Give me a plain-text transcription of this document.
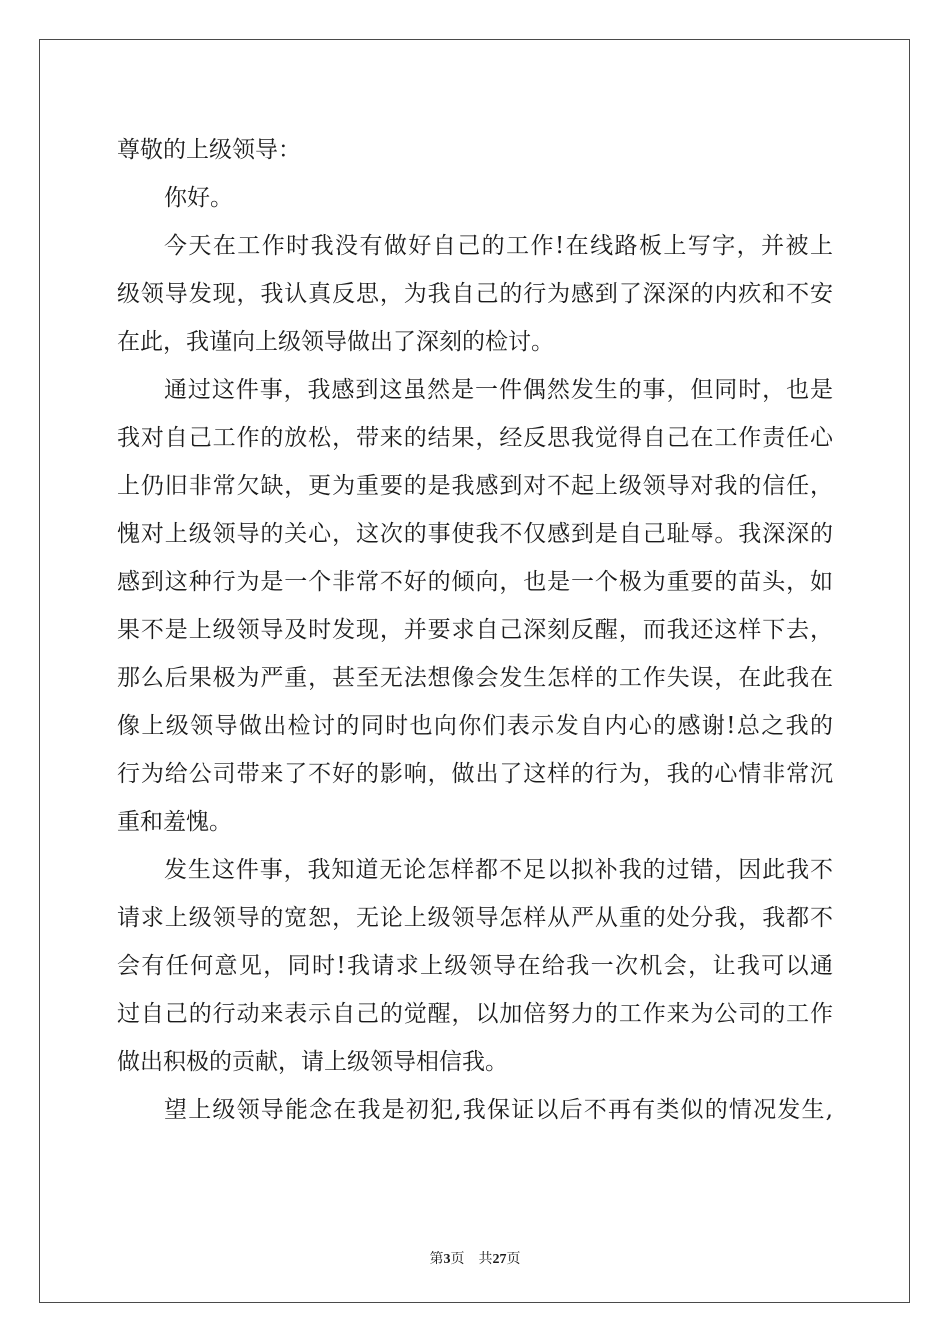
尊敬的上级领导：
你好。
今天在工作时我没有做好自己的工作!在线路板上写字，并被上
级领导发现，我认真反思，为我自己的行为感到了深深的内疚和不安
在此，我谨向上级领导做出了深刻的检讨。
通过这件事，我感到这虽然是一件偶然发生的事，但同时，也是
我对自己工作的放松，带来的结果，经反思我觉得自己在工作责任心
上仍旧非常欠缺，更为重要的是我感到对不起上级领导对我的信任，
愧对上级领导的关心，这次的事使我不仅感到是自己耻辱。我深深的
感到这种行为是一个非常不好的倾向，也是一个极为重要的苗头，如
果不是上级领导及时发现，并要求自己深刻反醒，而我还这样下去，
那么后果极为严重，甚至无法想像会发生怎样的工作失误，在此我在
像上级领导做出检讨的同时也向你们表示发自内心的感谢!总之我的
行为给公司带来了不好的影响，做出了这样的行为，我的心情非常沉
重和羞愧。
发生这件事，我知道无论怎样都不足以拟补我的过错，因此我不
请求上级领导的宽恕，无论上级领导怎样从严从重的处分我，我都不
会有任何意见，同时!我请求上级领导在给我一次机会，让我可以通
过自己的行动来表示自己的觉醒，以加倍努力的工作来为公司的工作
做出积极的贡献，请上级领导相信我。
望上级领导能念在我是初犯,我保证以后不再有类似的情况发生,
第3页 共27页
